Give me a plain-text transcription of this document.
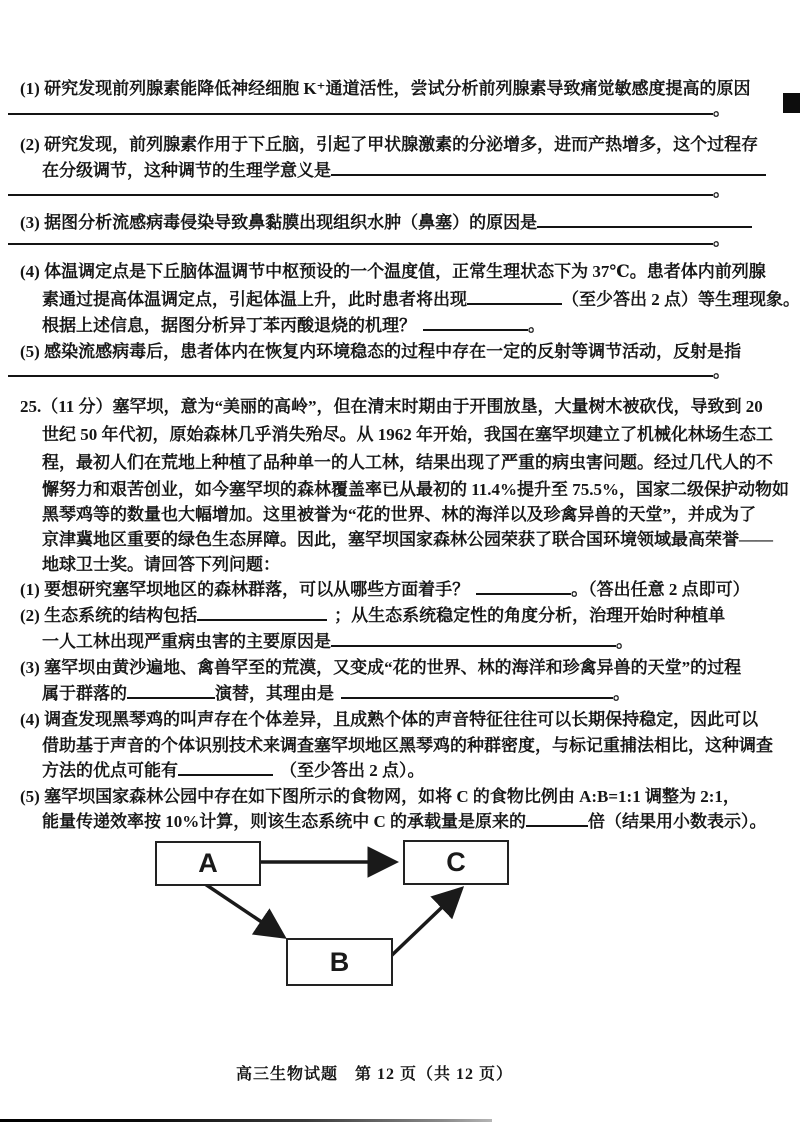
(1) 研究发现前列腺素能降低神经细胞 K⁺通道活性，尝试分析前列腺素导致痛觉敏感度提高的原因
。
(2) 研究发现，前列腺素作用于下丘脑，引起了甲状腺激素的分泌增多，进而产热增多，这个过程存
在分级调节，这种调节的生理学意义是
。
(3) 据图分析流感病毒侵染导致鼻黏膜出现组织水肿（鼻塞）的原因是
。
(4) 体温调定点是下丘脑体温调节中枢预设的一个温度值，正常生理状态下为 37℃。患者体内前列腺
素通过提高体温调定点，引起体温上升，此时患者将出现	（至少答出 2 点）等生理现象。
根据上述信息，据图分析异丁苯丙酸退烧的机理？	。
(5) 感染流感病毒后，患者体内在恢复内环境稳态的过程中存在一定的反射等调节活动，反射是指
。
25.（11 分）塞罕坝，意为“美丽的高岭”，但在清末时期由于开围放垦，大量树木被砍伐，导致到 20
世纪 50 年代初，原始森林几乎消失殆尽。从 1962 年开始，我国在塞罕坝建立了机械化林场生态工
程，最初人们在荒地上种植了品种单一的人工林，结果出现了严重的病虫害问题。经过几代人的不
懈努力和艰苦创业，如今塞罕坝的森林覆盖率已从最初的 11.4%提升至 75.5%，国家二级保护动物如
黑琴鸡等的数量也大幅增加。这里被誉为“花的世界、林的海洋以及珍禽异兽的天堂”，并成为了
京津冀地区重要的绿色生态屏障。因此，塞罕坝国家森林公园荣获了联合国环境领域最高荣誉——
地球卫士奖。请回答下列问题：
(1) 要想研究塞罕坝地区的森林群落，可以从哪些方面着手？	。（答出任意 2 点即可）
(2) 生态系统的结构包括	；从生态系统稳定性的角度分析，治理开始时种植单
一人工林出现严重病虫害的主要原因是	。
(3) 塞罕坝由黄沙遍地、禽兽罕至的荒漠，又变成“花的世界、林的海洋和珍禽异兽的天堂”的过程
属于群落的	演替，其理由是	。
(4) 调查发现黑琴鸡的叫声存在个体差异，且成熟个体的声音特征往往可以长期保持稳定，因此可以
借助基于声音的个体识别技术来调查塞罕坝地区黑琴鸡的种群密度，与标记重捕法相比，这种调查
方法的优点可能有	（至少答出 2 点）。
(5) 塞罕坝国家森林公园中存在如下图所示的食物网，如将 C 的食物比例由 A:B=1:1 调整为 2:1，
能量传递效率按 10%计算，则该生态系统中 C 的承载量是原来的	倍（结果用小数表示）。
A
B
C
高三生物试题　第 12 页（共 12 页）
